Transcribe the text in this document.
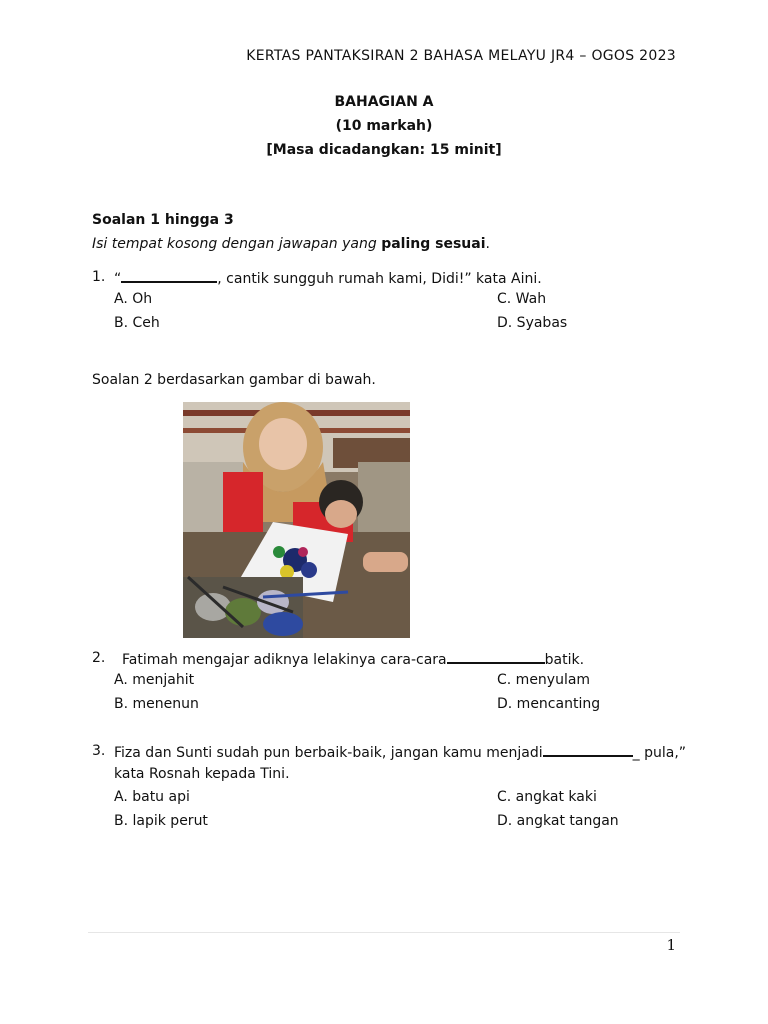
KERTAS PANTAKSIRAN 2 BAHASA MELAYU JR4 – OGOS 2023
BAHAGIAN A
(10 markah)
[Masa dicadangkan: 15 minit]
Soalan 1 hingga 3
Isi tempat kosong dengan jawapan yang paling sesuai.
1. “	, cantik sungguh rumah kami, Didi!” kata Aini.
A. Oh
B. Ceh
C. Wah
D. Syabas
Soalan 2 berdasarkan gambar di bawah.
2. Fatimah mengajar adiknya lelakinya cara-cara	batik.
A. menjahit
B. menenun
C. menyulam
D. mencanting
3. Fiza dan Sunti sudah pun berbaik-baik, jangan kamu menjadi	_ pula,”
kata Rosnah kepada Tini.
A. batu api
B. lapik perut
C. angkat kaki
D. angkat tangan
1
